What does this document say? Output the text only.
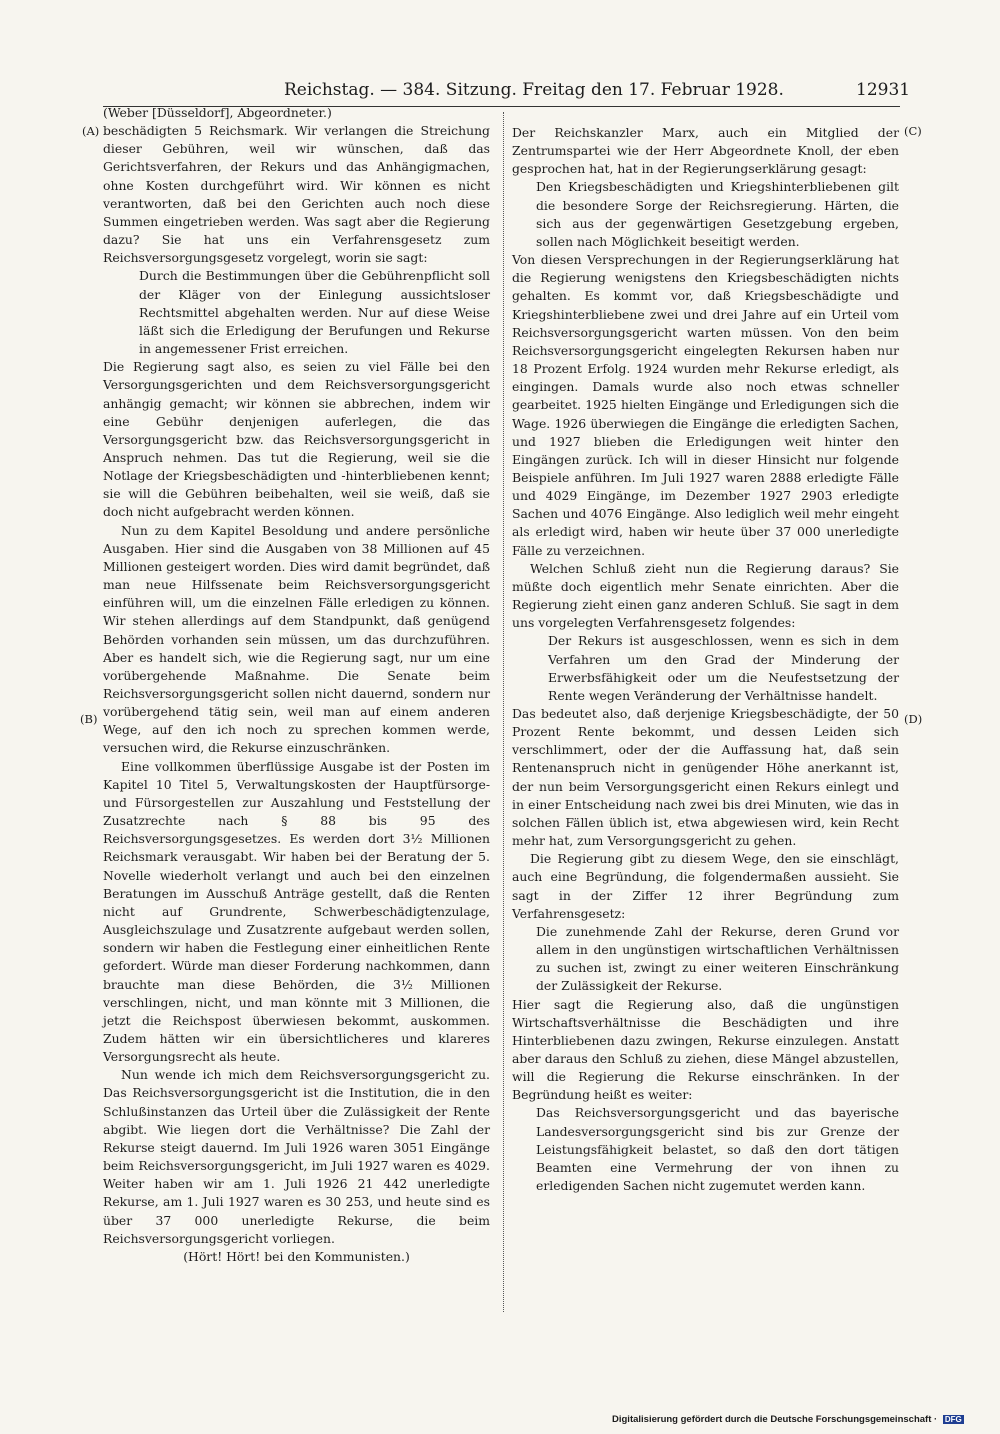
Reichstag. — 384. Sitzung. Freitag den 17. Februar 1928.	12931
(A)
(B)
(C)
(D)

(Weber [Düsseldorf], Abgeordneter.)

beschädigten 5 Reichsmark. Wir verlangen die Streichung dieser Gebühren, weil wir wünschen, daß das Gerichtsverfahren, der Rekurs und das Anhängigmachen, ohne Kosten durchgeführt wird. Wir können es nicht verantworten, daß bei den Gerichten auch noch diese Summen eingetrieben werden. Was sagt aber die Regierung dazu? Sie hat uns ein Verfahrensgesetz zum Reichsversorgungsgesetz vorgelegt, worin sie sagt:

Durch die Bestimmungen über die Gebührenpflicht soll der Kläger von der Einlegung aussichtsloser Rechtsmittel abgehalten werden. Nur auf diese Weise läßt sich die Erledigung der Berufungen und Rekurse in angemessener Frist erreichen.

Die Regierung sagt also, es seien zu viel Fälle bei den Versorgungsgerichten und dem Reichsversorgungsgericht anhängig gemacht; wir können sie abbrechen, indem wir eine Gebühr denjenigen auferlegen, die das Versorgungsgericht bzw. das Reichsversorgungsgericht in Anspruch nehmen. Das tut die Regierung, weil sie die Notlage der Kriegsbeschädigten und -hinterbliebenen kennt; sie will die Gebühren beibehalten, weil sie weiß, daß sie doch nicht aufgebracht werden können.

Nun zu dem Kapitel Besoldung und andere persönliche Ausgaben. Hier sind die Ausgaben von 38 Millionen auf 45 Millionen gesteigert worden. Dies wird damit begründet, daß man neue Hilfssenate beim Reichsversorgungsgericht einführen will, um die einzelnen Fälle erledigen zu können. Wir stehen allerdings auf dem Standpunkt, daß genügend Behörden vorhanden sein müssen, um das durchzuführen. Aber es handelt sich, wie die Regierung sagt, nur um eine vorübergehende Maßnahme. Die Senate beim Reichsversorgungsgericht sollen nicht dauernd, sondern nur vorübergehend tätig sein, weil man auf einem anderen Wege, auf den ich noch zu sprechen kommen werde, versuchen wird, die Rekurse einzuschränken.

Eine vollkommen überflüssige Ausgabe ist der Posten im Kapitel 10 Titel 5, Verwaltungskosten der Hauptfürsorge- und Fürsorgestellen zur Auszahlung und Feststellung der Zusatzrechte nach § 88 bis 95 des Reichsversorgungsgesetzes. Es werden dort 3½ Millionen Reichsmark verausgabt. Wir haben bei der Beratung der 5. Novelle wiederholt verlangt und auch bei den einzelnen Beratungen im Ausschuß Anträge gestellt, daß die Renten nicht auf Grundrente, Schwerbeschädigtenzulage, Ausgleichszulage und Zusatzrente aufgebaut werden sollen, sondern wir haben die Festlegung einer einheitlichen Rente gefordert. Würde man dieser Forderung nachkommen, dann brauchte man diese Behörden, die 3½ Millionen verschlingen, nicht, und man könnte mit 3 Millionen, die jetzt die Reichspost überwiesen bekommt, auskommen. Zudem hätten wir ein übersichtlicheres und klareres Versorgungsrecht als heute.

Nun wende ich mich dem Reichsversorgungsgericht zu. Das Reichsversorgungsgericht ist die Institution, die in den Schlußinstanzen das Urteil über die Zulässigkeit der Rente abgibt. Wie liegen dort die Verhältnisse? Die Zahl der Rekurse steigt dauernd. Im Juli 1926 waren 3051 Eingänge beim Reichsversorgungsgericht, im Juli 1927 waren es 4029. Weiter haben wir am 1. Juli 1926 21 442 unerledigte Rekurse, am 1. Juli 1927 waren es 30 253, und heute sind es über 37 000 unerledigte Rekurse, die beim Reichsversorgungsgericht vorliegen.

(Hört! Hört! bei den Kommunisten.)

Der Reichskanzler Marx, auch ein Mitglied der Zentrumspartei wie der Herr Abgeordnete Knoll, der eben gesprochen hat, hat in der Regierungserklärung gesagt:

Den Kriegsbeschädigten und Kriegshinterbliebenen gilt die besondere Sorge der Reichsregierung. Härten, die sich aus der gegenwärtigen Gesetzgebung ergeben, sollen nach Möglichkeit beseitigt werden.

Von diesen Versprechungen in der Regierungserklärung hat die Regierung wenigstens den Kriegsbeschädigten nichts gehalten. Es kommt vor, daß Kriegsbeschädigte und Kriegshinterbliebene zwei und drei Jahre auf ein Urteil vom Reichsversorgungsgericht warten müssen. Von den beim Reichsversorgungsgericht eingelegten Rekursen haben nur 18 Prozent Erfolg. 1924 wurden mehr Rekurse erledigt, als eingingen. Damals wurde also noch etwas schneller gearbeitet. 1925 hielten Eingänge und Erledigungen sich die Wage. 1926 überwiegen die Eingänge die erledigten Sachen, und 1927 blieben die Erledigungen weit hinter den Eingängen zurück. Ich will in dieser Hinsicht nur folgende Beispiele anführen. Im Juli 1927 waren 2888 erledigte Fälle und 4029 Eingänge, im Dezember 1927 2903 erledigte Sachen und 4076 Eingänge. Also lediglich weil mehr eingeht als erledigt wird, haben wir heute über 37 000 unerledigte Fälle zu verzeichnen.

Welchen Schluß zieht nun die Regierung daraus? Sie müßte doch eigentlich mehr Senate einrichten. Aber die Regierung zieht einen ganz anderen Schluß. Sie sagt in dem uns vorgelegten Verfahrensgesetz folgendes:

Der Rekurs ist ausgeschlossen, wenn es sich in dem Verfahren um den Grad der Minderung der Erwerbsfähigkeit oder um die Neufestsetzung der Rente wegen Veränderung der Verhältnisse handelt.

Das bedeutet also, daß derjenige Kriegsbeschädigte, der 50 Prozent Rente bekommt, und dessen Leiden sich verschlimmert, oder der die Auffassung hat, daß sein Rentenanspruch nicht in genügender Höhe anerkannt ist, der nun beim Versorgungsgericht einen Rekurs einlegt und in einer Entscheidung nach zwei bis drei Minuten, wie das in solchen Fällen üblich ist, etwa abgewiesen wird, kein Recht mehr hat, zum Versorgungsgericht zu gehen.

Die Regierung gibt zu diesem Wege, den sie einschlägt, auch eine Begründung, die folgendermaßen aussieht. Sie sagt in der Ziffer 12 ihrer Begründung zum Verfahrensgesetz:

Die zunehmende Zahl der Rekurse, deren Grund vor allem in den ungünstigen wirtschaftlichen Verhältnissen zu suchen ist, zwingt zu einer weiteren Einschränkung der Zulässigkeit der Rekurse.

Hier sagt die Regierung also, daß die ungünstigen Wirtschaftsverhältnisse die Beschädigten und ihre Hinterbliebenen dazu zwingen, Rekurse einzulegen. Anstatt aber daraus den Schluß zu ziehen, diese Mängel abzustellen, will die Regierung die Rekurse einschränken. In der Begründung heißt es weiter:

Das Reichsversorgungsgericht und das bayerische Landesversorgungsgericht sind bis zur Grenze der Leistungsfähigkeit belastet, so daß den dort tätigen Beamten eine Vermehrung der von ihnen zu erledigenden Sachen nicht zugemutet werden kann.

Digitalisierung gefördert durch die Deutsche Forschungsgemeinschaft · DFG
